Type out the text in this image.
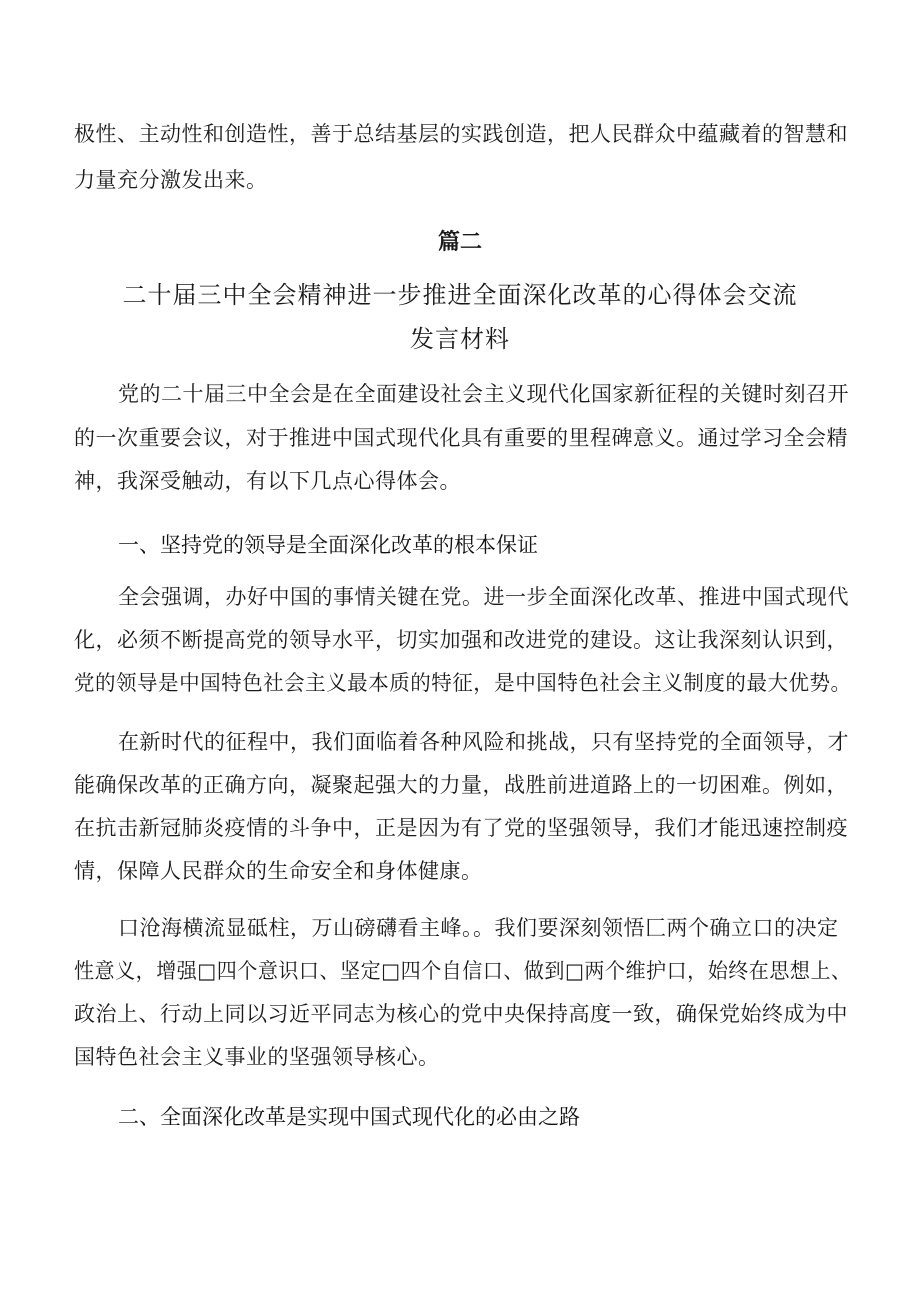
极性、主动性和创造性，善于总结基层的实践创造，把人民群众中蕴藏着的智慧和
力量充分激发出来。
篇二
二十届三中全会精神进一步推进全面深化改革的心得体会交流
发言材料
党的二十届三中全会是在全面建设社会主义现代化国家新征程的关键时刻召开
的一次重要会议，对于推进中国式现代化具有重要的里程碑意义。通过学习全会精
神，我深受触动，有以下几点心得体会。
一、坚持党的领导是全面深化改革的根本保证
全会强调，办好中国的事情关键在党。进一步全面深化改革、推进中国式现代
化，必须不断提高党的领导水平，切实加强和改进党的建设。这让我深刻认识到，
党的领导是中国特色社会主义最本质的特征，是中国特色社会主义制度的最大优势。
在新时代的征程中，我们面临着各种风险和挑战，只有坚持党的全面领导，才
能确保改革的正确方向，凝聚起强大的力量，战胜前进道路上的一切困难。例如，
在抗击新冠肺炎疫情的斗争中，正是因为有了党的坚强领导，我们才能迅速控制疫
情，保障人民群众的生命安全和身体健康。
口沧海横流显砥柱，万山磅礴看主峰。。我们要深刻领悟匚两个确立口的决定
性意义，增强□四个意识口、坚定□四个自信口、做到□两个维护口，始终在思想上、
政治上、行动上同以习近平同志为核心的党中央保持高度一致，确保党始终成为中
国特色社会主义事业的坚强领导核心。
二、全面深化改革是实现中国式现代化的必由之路
